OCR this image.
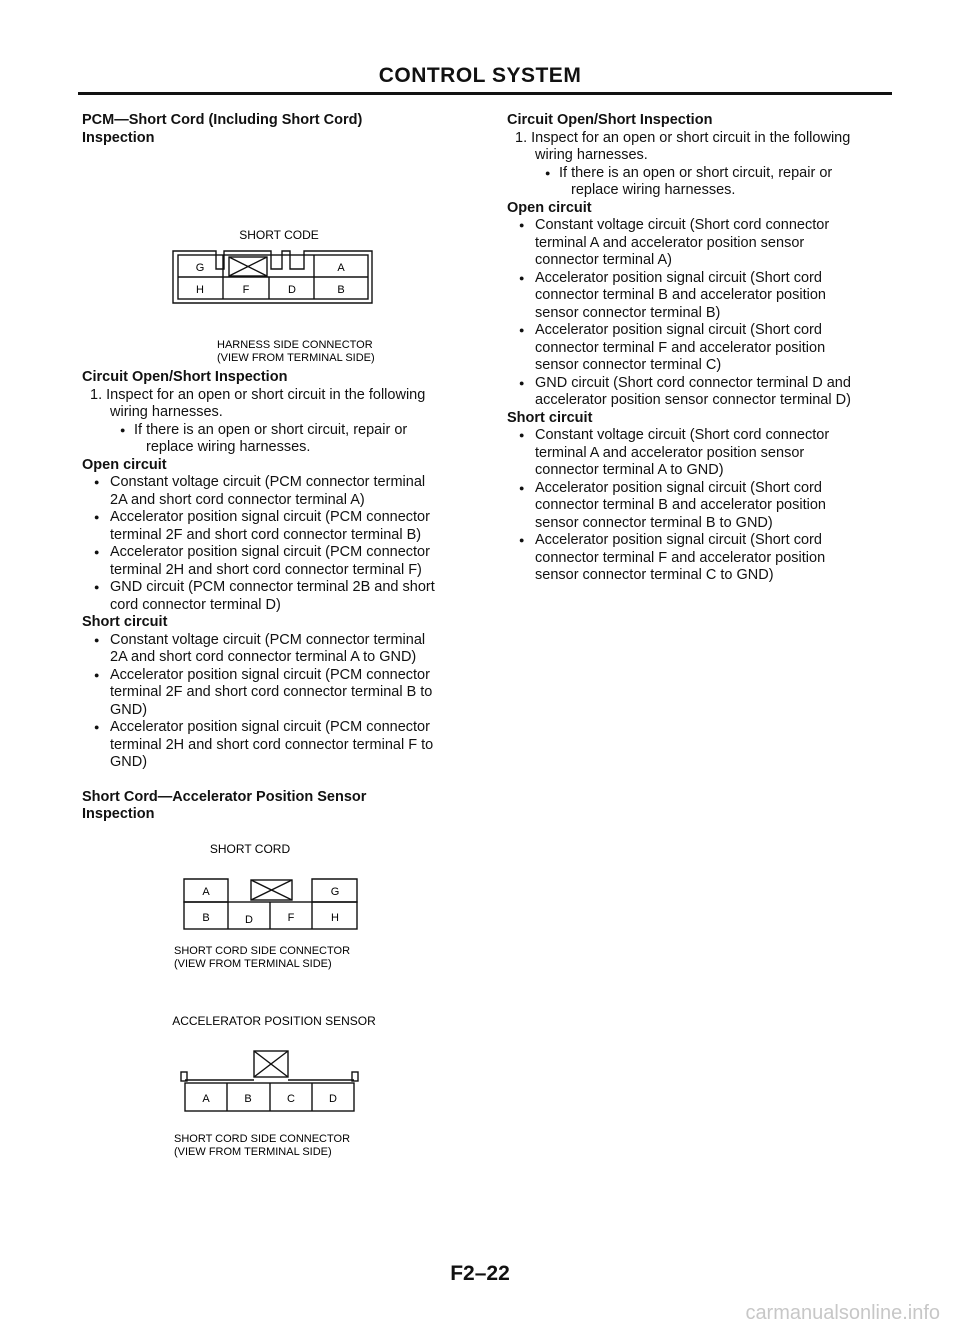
CONTROL SYSTEM
PCM—Short Cord (Including Short Cord)
Inspection
SHORT CODE
G	A
H	F	D	B
HARNESS SIDE CONNECTOR
(VIEW FROM TERMINAL SIDE)
Circuit Open/Short Inspection
1. Inspect for an open or short circuit in the following
wiring harnesses.
● If there is an open or short circuit, repair or
replace wiring harnesses.
Open circuit
● Constant voltage circuit (PCM connector terminal
2A and short cord connector terminal A)
● Accelerator position signal circuit (PCM connector
terminal 2F and short cord connector terminal B)
● Accelerator position signal circuit (PCM connector
terminal 2H and short cord connector terminal F)
● GND circuit (PCM connector terminal 2B and short
cord connector terminal D)
Short circuit
● Constant voltage circuit (PCM connector terminal
2A and short cord connector terminal A to GND)
● Accelerator position signal circuit (PCM connector
terminal 2F and short cord connector terminal B to
GND)
● Accelerator position signal circuit (PCM connector
terminal 2H and short cord connector terminal F to
GND)
Short Cord—Accelerator Position Sensor
Inspection
SHORT CORD
A	G
B	D	F	H
SHORT CORD SIDE CONNECTOR
(VIEW FROM TERMINAL SIDE)
ACCELERATOR POSITION SENSOR
A	B	C	D
SHORT CORD SIDE CONNECTOR
(VIEW FROM TERMINAL SIDE)
Circuit Open/Short Inspection
1. Inspect for an open or short circuit in the following
wiring harnesses.
● If there is an open or short circuit, repair or
replace wiring harnesses.
Open circuit
● Constant voltage circuit (Short cord connector
terminal A and accelerator position sensor
connector terminal A)
● Accelerator position signal circuit (Short cord
connector terminal B and accelerator position
sensor connector terminal B)
● Accelerator position signal circuit (Short cord
connector terminal F and accelerator position
sensor connector terminal C)
● GND circuit (Short cord connector terminal D and
accelerator position sensor connector terminal D)
Short circuit
● Constant voltage circuit (Short cord connector
terminal A and accelerator position sensor
connector terminal A to GND)
● Accelerator position signal circuit (Short cord
connector terminal B and accelerator position
sensor connector terminal B to GND)
● Accelerator position signal circuit (Short cord
connector terminal F and accelerator position
sensor connector terminal C to GND)
F2–22
carmanualsonline.info
